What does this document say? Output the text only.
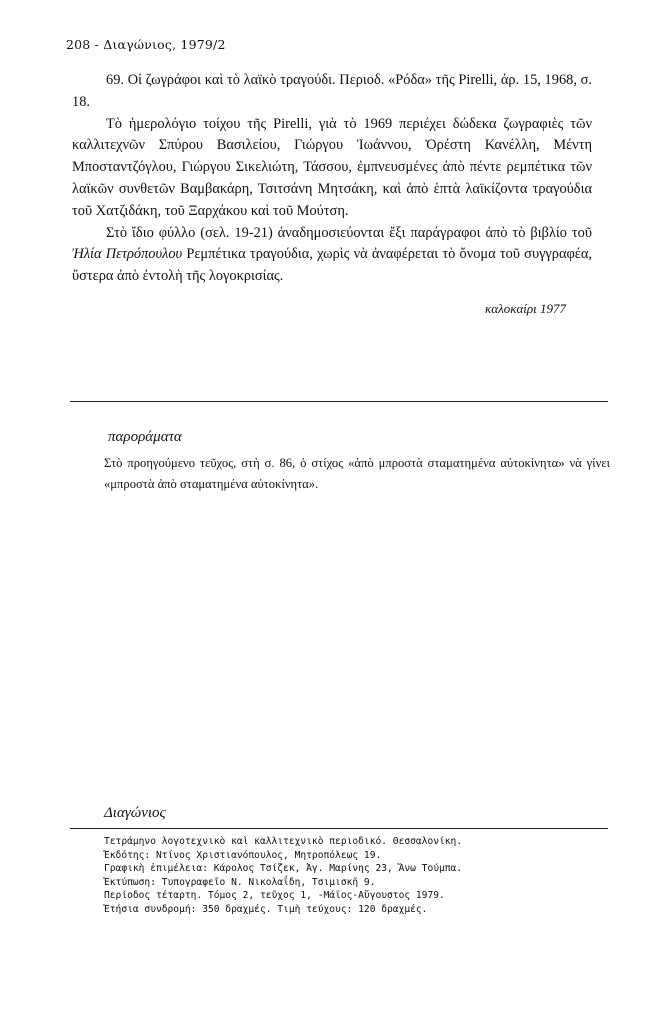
208 - Διαγώνιος, 1979/2

69. Οἱ ζωγράφοι καὶ τὸ λαϊκὸ τραγούδι. Περιοδ. «Ρόδα» τῆς Pirelli, ἀρ. 15, 1968, σ. 18.

Τὸ ἡμερολόγιο τοίχου τῆς Pirelli, γιὰ τὸ 1969 περιέχει δώδεκα ζωγραφιὲς τῶν καλλιτεχνῶν Σπύρου Βασιλείου, Γιώργου Ἰωάννου, Ὀρέστη Κανέλλη, Μέντη Μποσταντζόγλου, Γιώργου Σικελιώτη, Τάσσου, ἐμπνευσμένες ἀπὸ πέντε ρεμπέτικα τῶν λαϊκῶν συνθετῶν Βαμβακάρη, Τσιτσάνη Μητσάκη, καὶ ἀπὸ ἑπτὰ λαϊκίζοντα τραγούδια τοῦ Χατζιδάκη, τοῦ Ξαρχάκου καὶ τοῦ Μούτση.

Στὸ ἴδιο φύλλο (σελ. 19-21) ἀναδημοσιεύονται ἔξι παράγραφοι ἀπὸ τὸ βιβλίο τοῦ Ἠλία Πετρόπουλου Ρεμπέτικα τραγούδια, χωρὶς νὰ ἀναφέρεται τὸ ὄνομα τοῦ συγγραφέα, ὕστερα ἀπὸ ἐντολὴ τῆς λογοκρισίας.

καλοκαίρι 1977
παροράματα

Στὸ προηγούμενο τεῦχος, στὴ σ. 86, ὁ στίχος «ἀπὸ μπροστὰ σταματημένα αὐτοκίνητα» νὰ γίνει «μπροστὰ ἀπὸ σταματημένα αὐτοκίνητα».

Διαγώνιος
Τετράμηνο λογοτεχνικὸ καὶ καλλιτεχνικὸ περιοδικό. Θεσσαλονίκη.
Ἐκδότης: Ντίνος Χριστιανόπουλος, Μητροπόλεως 19.
Γραφικὴ ἐπιμέλεια: Κάρολος Τσίζεκ, Ἀγ. Μαρίνης 23, Ἄνω Τούμπα.
Ἐκτύπωση: Τυπογραφεῖο Ν. Νικολαΐδη, Τσιμισκῆ 9.
Περίοδος τέταρτη. Τόμος 2, τεῦχος 1, -Μάϊος-Αὔγουστος 1979.
Ἐτήσια συνδρομή: 350 δραχμές. Τιμὴ τεύχους: 120 δραχμές.
